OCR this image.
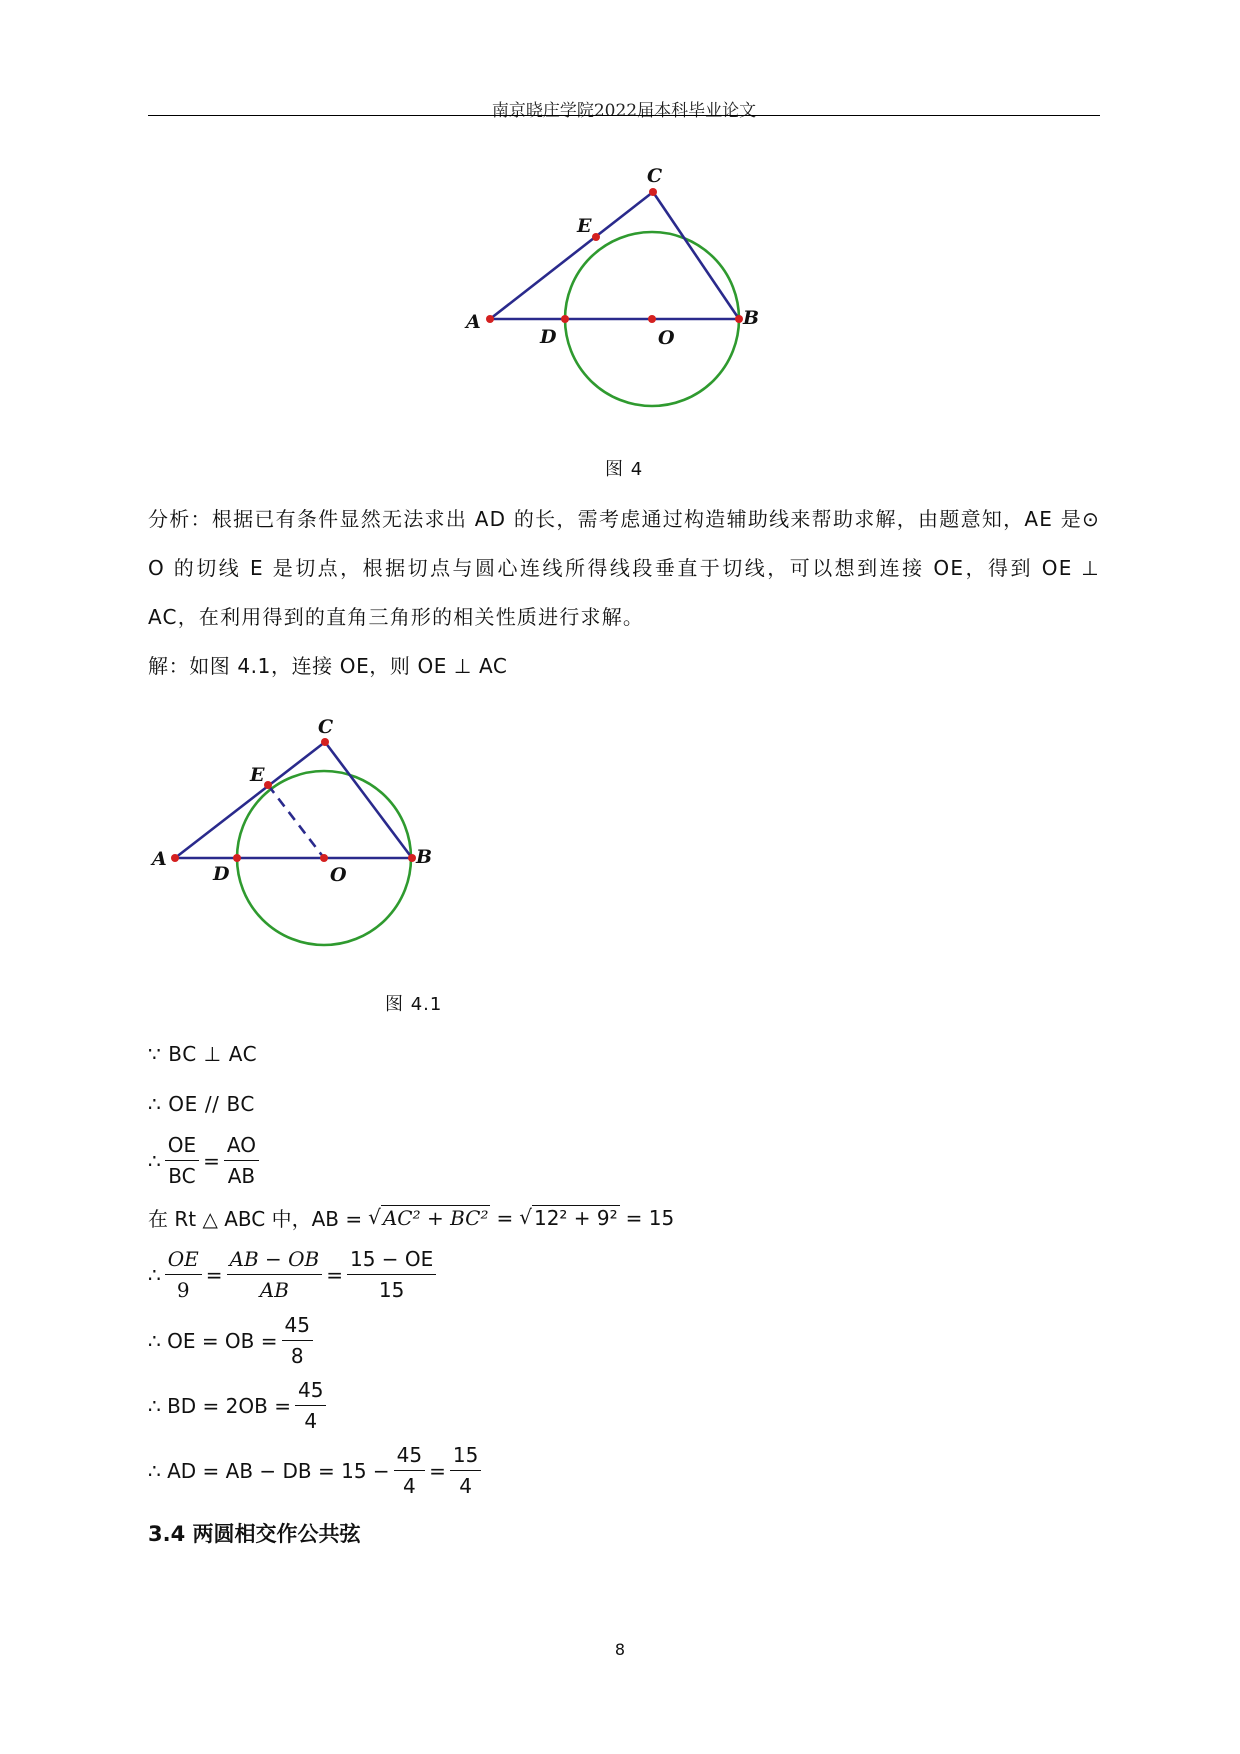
南京晓庄学院2022届本科毕业论文
A
D	O
B
C
E
图 4
分析：根据已有条件显然无法求出 AD 的长，需考虑通过构造辅助线来帮助求解，由题意知，AE 是⊙ O 的切线 E 是切点，根据切点与圆心连线所得线段垂直于切线，可以想到连接 OE，得到 OE ⊥ AC，在利用得到的直角三角形的相关性质进行求解。
解：如图 4.1，连接 OE，则 OE ⊥ AC
A
D	O
B
C
E
图 4.1
∵ BC ⊥ AC
∴ OE // BC
∴ $\frac{OE}{BC} = \frac{AO}{AB}$
在 Rt △ ABC 中，AB = √ AC² + BC² = √ 12² + 9² = 15
∴ $\frac{OE}{9} = \frac{AB - OB}{AB} = \frac{15 - OE}{15}$
∴ OE = OB = $\frac{45}{8}$
∴ BD = $2OB = \frac{45}{4}$
∴ AD = AB − DB = $15 - \frac{45}{4} = \frac{15}{4}$
3.4 两圆相交作公共弦
8
